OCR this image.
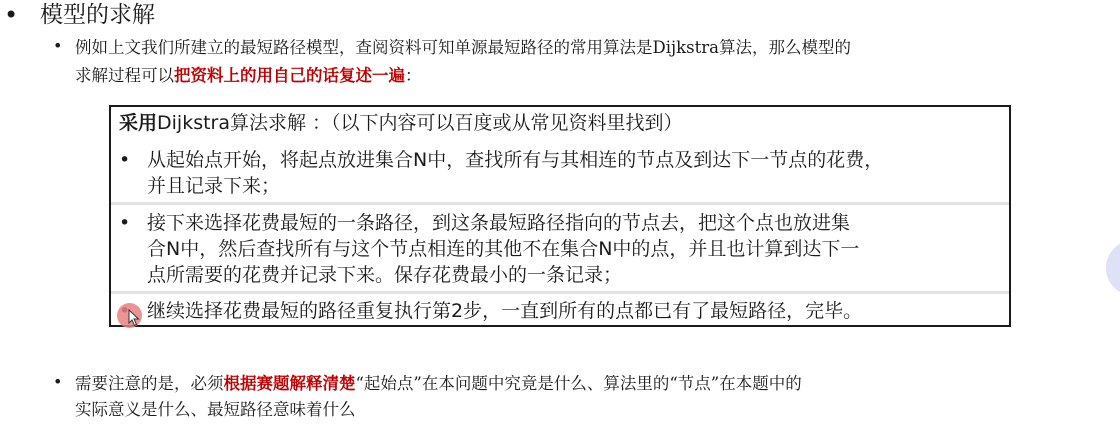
• 模型的求解
• 例如上文我们所建立的最短路径模型，查阅资料可知单源最短路径的常用算法是Dijkstra算法，那么模型的
求解过程可以把资料上的用自己的话复述一遍：
采用Dijkstra算法求解 ：（以下内容可以百度或从常见资料里找到）
• 从起始点开始，将起点放进集合N中，查找所有与其相连的节点及到达下一节点的花费，
并且记录下来；
• 接下来选择花费最短的一条路径，到这条最短路径指向的节点去，把这个点也放进集
合N中，然后查找所有与这个节点相连的其他不在集合N中的点，并且也计算到达下一
点所需要的花费并记录下来。保存花费最小的一条记录；
继续选择花费最短的路径重复执行第2步，一直到所有的点都已有了最短路径，完毕。
• 需要注意的是，必须根据赛题解释清楚“起始点”在本问题中究竟是什么、算法里的“节点”在本题中的
实际意义是什么、最短路径意味着什么
